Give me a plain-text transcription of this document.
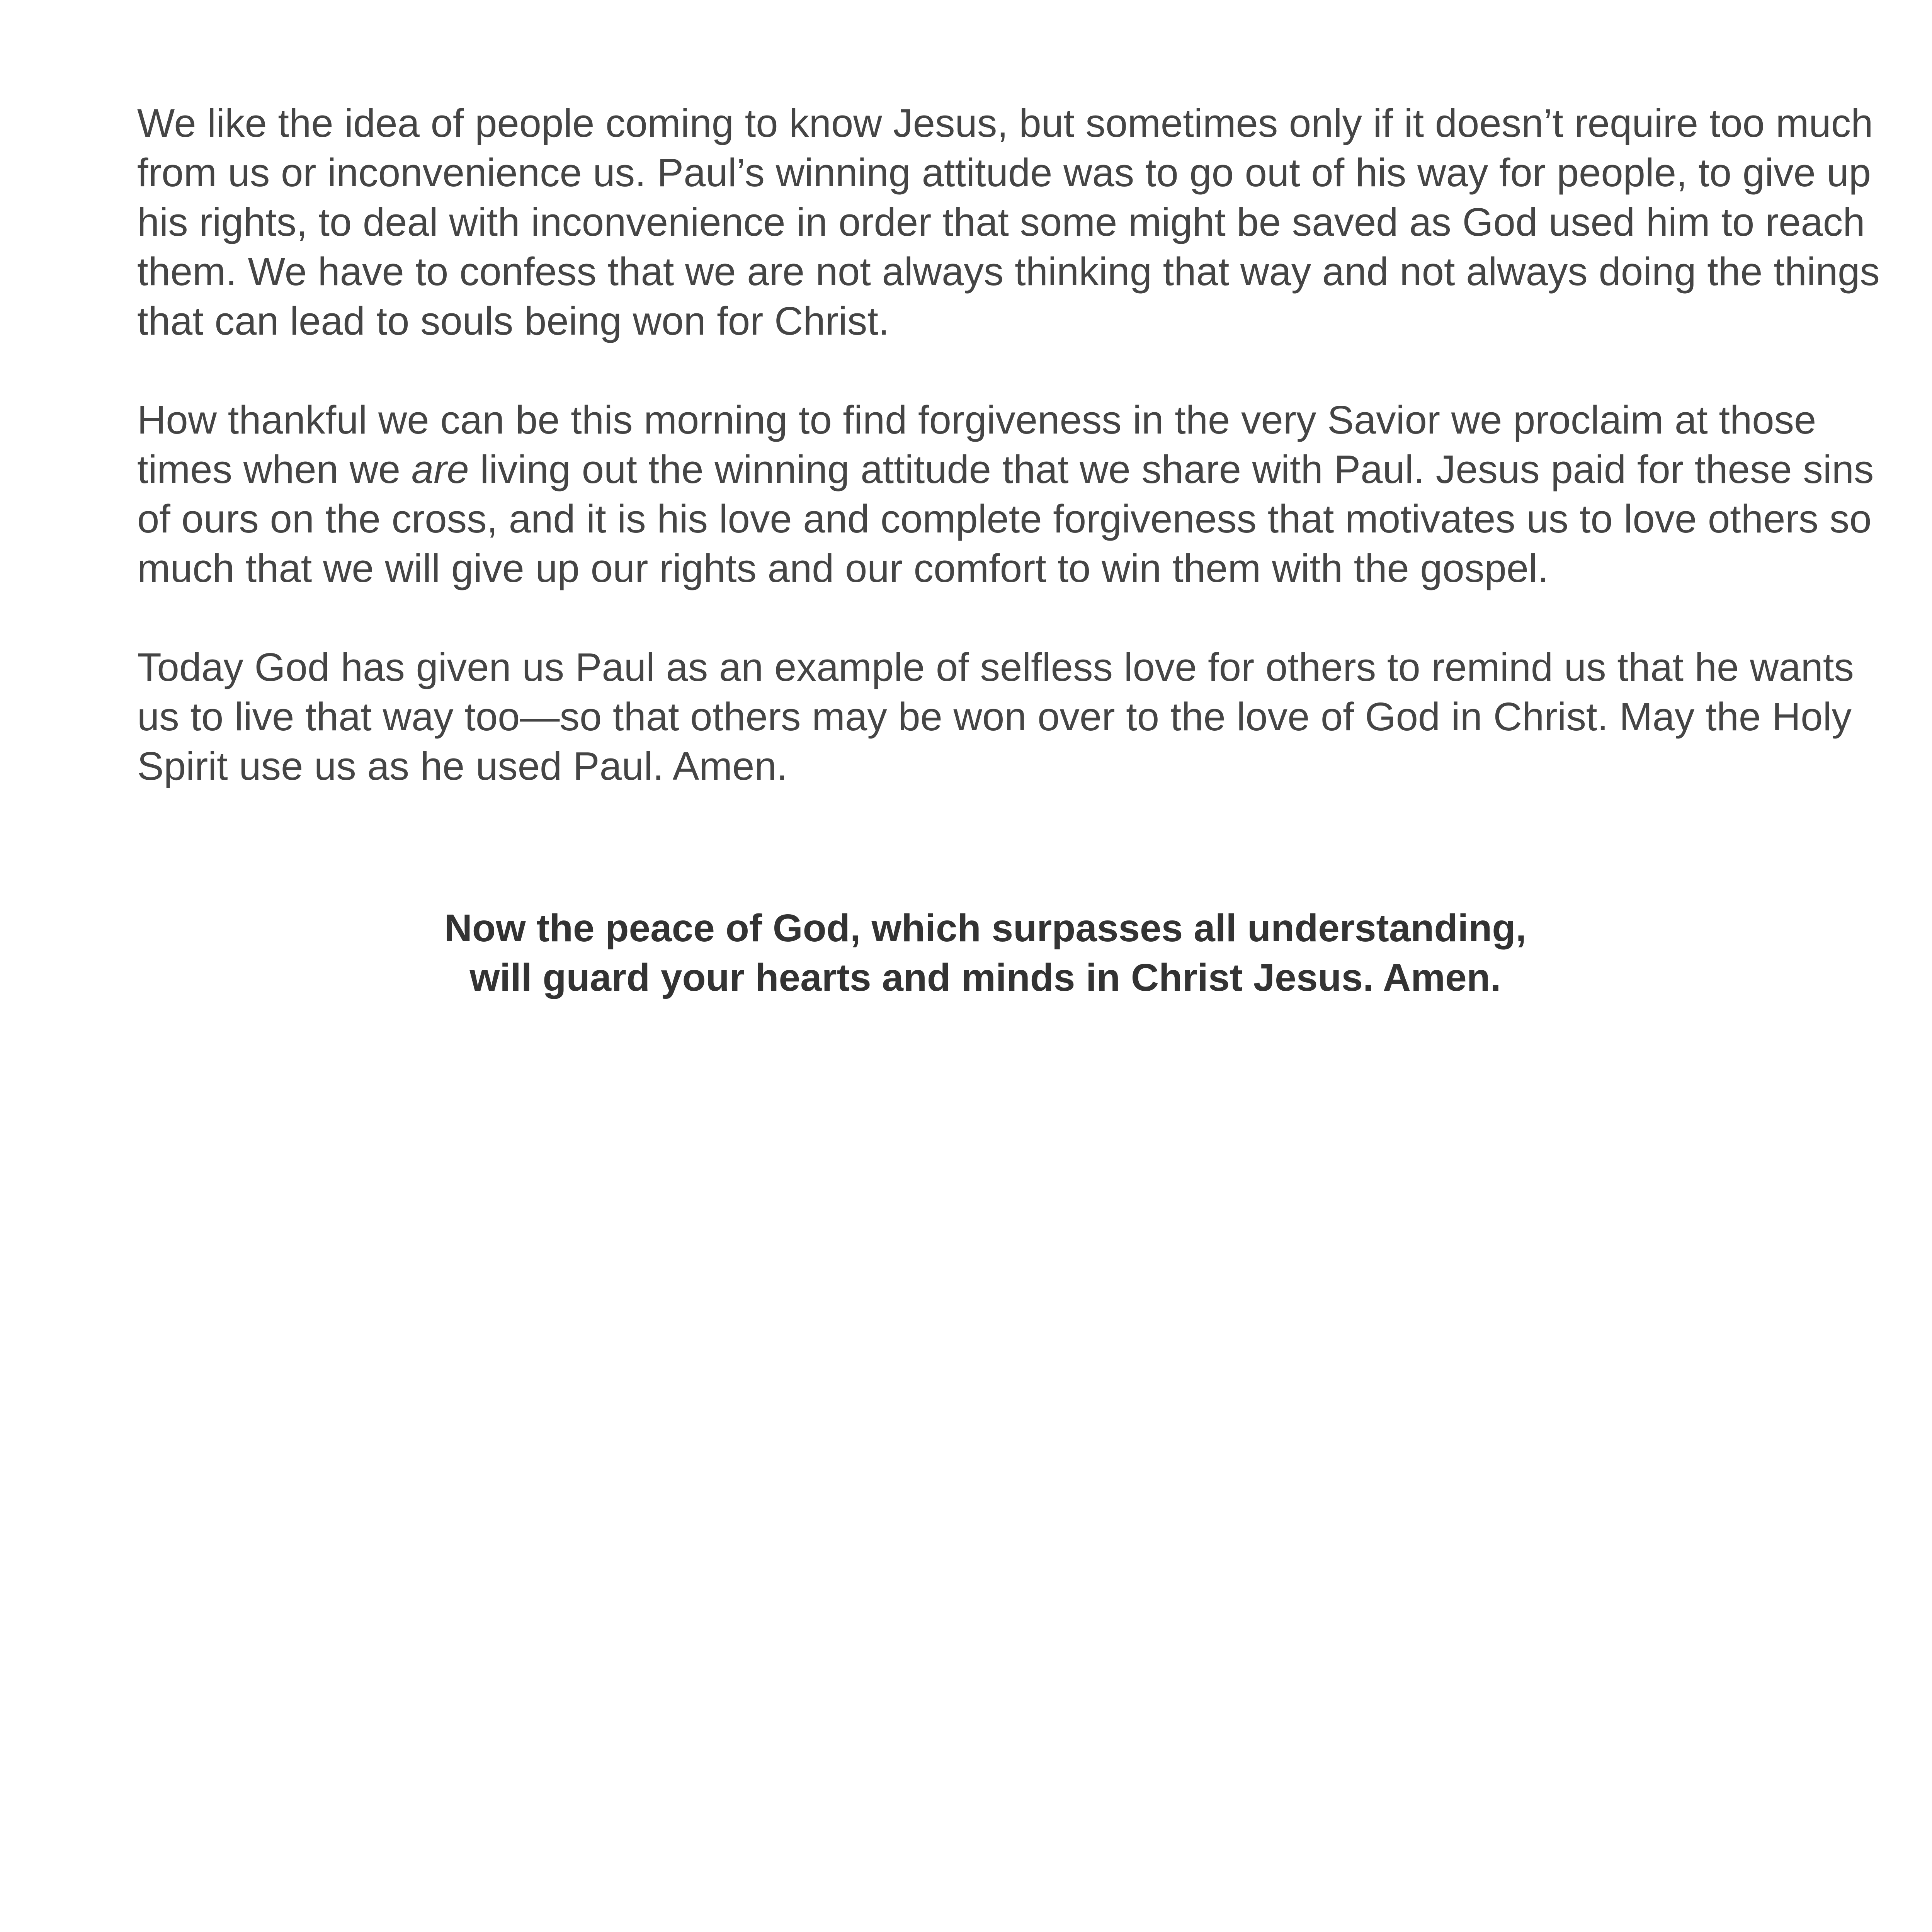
We like the idea of people coming to know Jesus, but sometimes only if it doesn’t require too much from us or inconvenience us. Paul’s winning attitude was to go out of his way for people, to give up his rights, to deal with inconvenience in order that some might be saved as God used him to reach them. We have to confess that we are not always thinking that way and not always doing the things that can lead to souls being won for Christ.

How thankful we can be this morning to find forgiveness in the very Savior we proclaim at those times when we are living out the winning attitude that we share with Paul. Jesus paid for these sins of ours on the cross, and it is his love and complete forgiveness that motivates us to love others so much that we will give up our rights and our comfort to win them with the gospel.

Today God has given us Paul as an example of selfless love for others to remind us that he wants us to live that way too—so that others may be won over to the love of God in Christ. May the Holy Spirit use us as he used Paul. Amen.

Now the peace of God, which surpasses all understanding,
will guard your hearts and minds in Christ Jesus. Amen.
